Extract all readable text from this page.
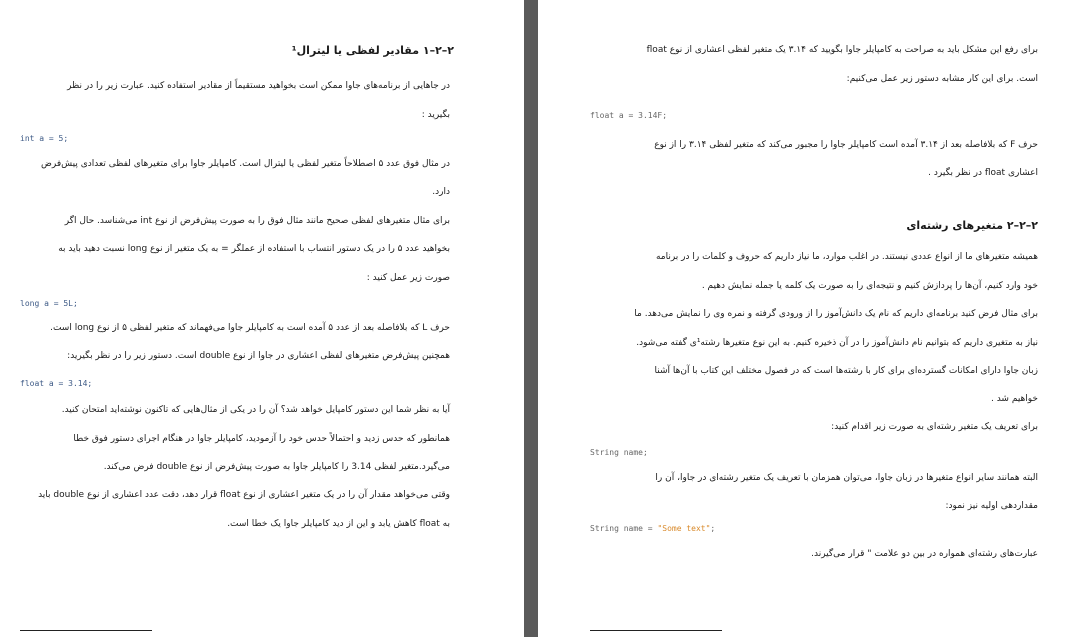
۲–۲–۱ مقادیر لفظی یا لیترال¹
در جاهایی از برنامه‌های جاوا ممکن است بخواهید مستقیماً از مقادیر استفاده کنید. عبارت زیر را در نظر
بگیرید :
int a = 5;
در مثال فوق عدد ۵ اصطلاحاً متغیر لفظی یا لیترال است. کامپایلر جاوا برای متغیرهای لفظی تعدادی پیش‌فرض
دارد.
برای مثال متغیرهای لفظی صحیح مانند مثال فوق را به صورت پیش‌فرض از نوع int می‌شناسد. حال اگر
بخواهید عدد ۵ را در یک دستور انتساب با استفاده از عملگر = به یک متغیر از نوع long نسبت دهید باید به
صورت زیر عمل کنید :
long a = 5L;
حرف L که بلافاصله بعد از عدد ۵ آمده است به کامپایلر جاوا می‌فهماند که متغیر لفظی ۵ از نوع long است.
همچنین پیش‌فرض متغیرهای لفظی اعشاری در جاوا از نوع double است. دستور زیر را در نظر بگیرید:
float a = 3.14;
آیا به نظر شما این دستور کامپایل خواهد شد؟ آن را در یکی از مثال‌هایی که تاکنون نوشته‌اید امتحان کنید.
همانطور که حدس زدید و احتمالاً حدس خود را آزمودید، کامپایلر جاوا در هنگام اجرای دستور فوق خطا
می‌گیرد.متغیر لفظی 3.14 را کامپایلر جاوا به صورت پیش‌فرض از نوع double فرض می‌کند.
وقتی می‌خواهد مقدار آن را در یک متغیر اعشاری از نوع float قرار دهد، دقت عدد اعشاری از نوع double باید
به float کاهش یابد و این از دید کامپایلر جاوا یک خطا است.
برای رفع این مشکل باید به صراحت به کامپایلر جاوا بگویید که ۳.۱۴ یک متغیر لفظی اعشاری از نوع float
است. برای این کار مشابه دستور زیر عمل می‌کنیم:
float a = 3.14F;
حرف F که بلافاصله بعد از ۳.۱۴ آمده است کامپایلر جاوا را مجبور می‌کند که متغیر لفظی ۳.۱۴ را از نوع
اعشاری float در نظر بگیرد .
۲–۲–۲ متغیرهای رشته‌ای
همیشه متغیرهای ما از انواع عددی نیستند. در اغلب موارد، ما نیاز داریم که حروف و کلمات را در برنامه
خود وارد کنیم، آن‌ها را پردازش کنیم و نتیجه‌ای را به صورت یک کلمه یا جمله نمایش دهیم .
برای مثال فرض کنید برنامه‌ای داریم که نام یک دانش‌آموز را از ورودی گرفته و نمره وی را نمایش می‌دهد. ما
نیاز به متغیری داریم که بتوانیم نام دانش‌آموز را در آن ذخیره کنیم. به این نوع متغیرها رشته‌¹ی گفته می‌شود.
زبان جاوا دارای امکانات گسترده‌ای برای کار با رشته‌ها است که در فصول مختلف این کتاب با آن‌ها آشنا
خواهیم شد .
برای تعریف یک متغیر رشته‌ای به صورت زیر اقدام کنید:
String name;
البته همانند سایر انواع متغیرها در زبان جاوا، می‌توان همزمان با تعریف یک متغیر رشته‌ای در جاوا، آن را
مقداردهی اولیه نیز نمود:
String name = "Some text";
عبارت‌های رشته‌ای همواره در بین دو علامت " قرار می‌گیرند.
